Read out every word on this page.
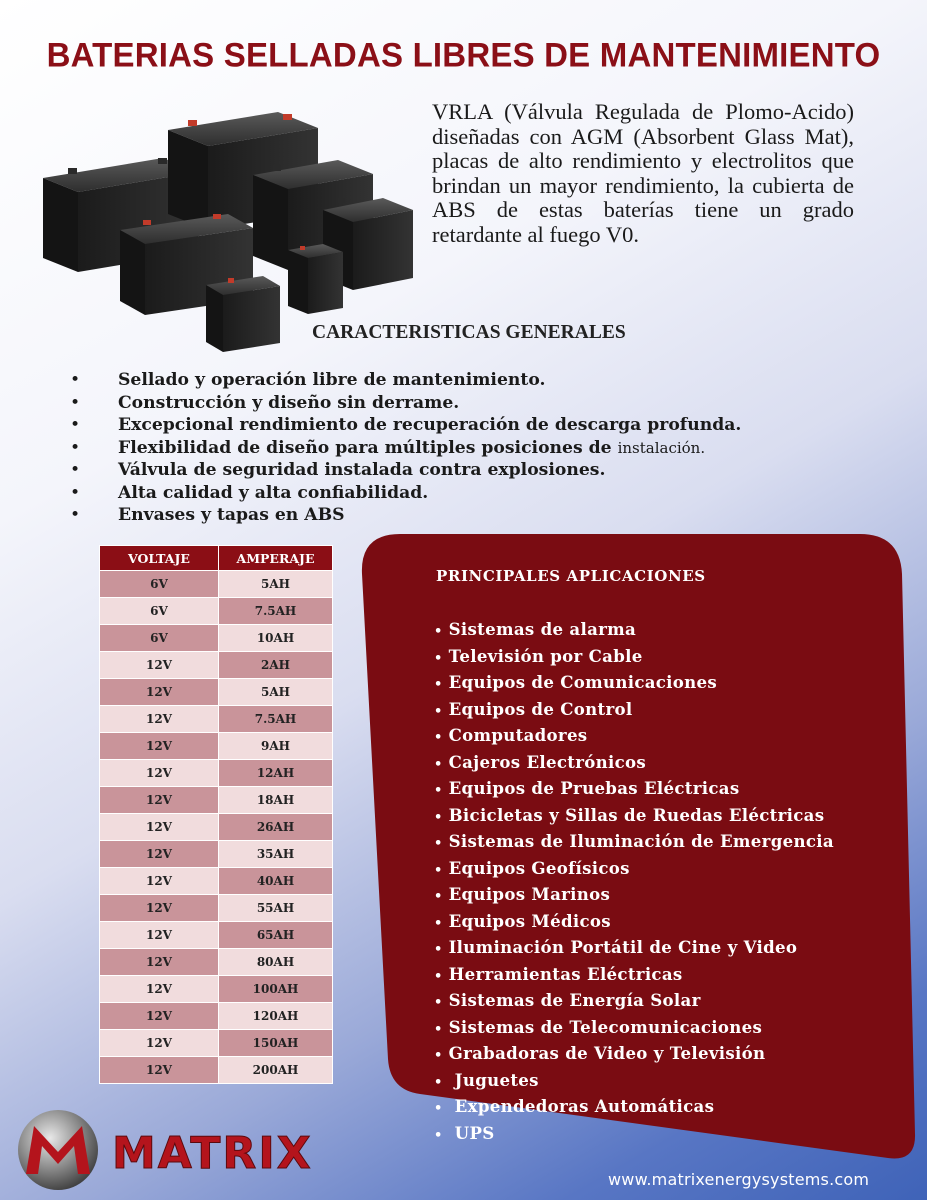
BATERIAS SELLADAS LIBRES DE MANTENIMIENTO
VRLA (Válvula Regulada de Plomo-Acido) diseñadas con AGM (Absorbent Glass Mat), placas de alto rendimiento y electrolitos que brindan un mayor rendimiento, la cubierta de ABS de estas baterías tiene un grado retardante al fuego V0.
CARACTERISTICAS GENERALES
• Sellado y operación libre de mantenimiento.
• Construcción y diseño sin derrame.
• Excepcional rendimiento de recuperación de descarga profunda.
• Flexibilidad de diseño para múltiples posiciones de instalación.
• Válvula de seguridad instalada contra explosiones.
• Alta calidad y alta confiabilidad.
• Envases y tapas en ABS
VOLTAJE	AMPERAJE
6V	5AH
6V	7.5AH
6V	10AH
12V	2AH
12V	5AH
12V	7.5AH
12V	9AH
12V	12AH
12V	18AH
12V	26AH
12V	35AH
12V	40AH
12V	55AH
12V	65AH
12V	80AH
12V	100AH
12V	120AH
12V	150AH
12V	200AH
PRINCIPALES APLICACIONES
• Sistemas de alarma
• Televisión por Cable
• Equipos de Comunicaciones
• Equipos de Control
• Computadores
• Cajeros Electrónicos
• Equipos de Pruebas Eléctricas
• Bicicletas y Sillas de Ruedas Eléctricas
• Sistemas de Iluminación de Emergencia
• Equipos Geofísicos
• Equipos Marinos
• Equipos Médicos
• Iluminación Portátil de Cine y Video
• Herramientas Eléctricas
• Sistemas de Energía Solar
• Sistemas de Telecomunicaciones
• Grabadoras de Video y Televisión
• Juguetes
• Expendedoras Automáticas
• UPS
MATRIX
www.matrixenergysystems.com
